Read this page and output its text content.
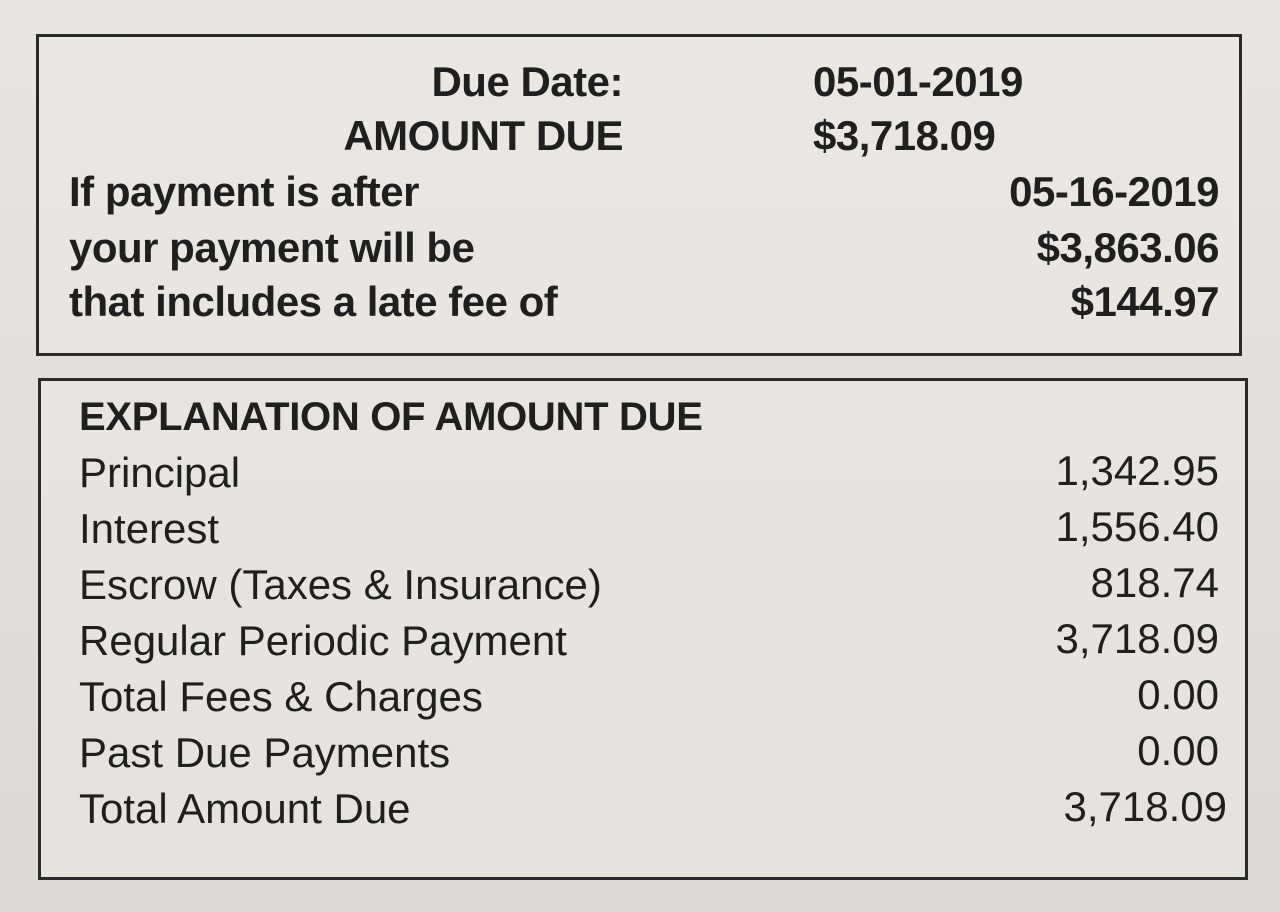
Due Date:	05-01-2019
AMOUNT DUE	$3,718.09
If payment is after	05-16-2019
your payment will be	$3,863.06
that includes a late fee of	$144.97
EXPLANATION OF AMOUNT DUE
Principal	1,342.95
Interest	1,556.40
Escrow (Taxes & Insurance)	818.74
Regular Periodic Payment	3,718.09
Total Fees & Charges	0.00
Past Due Payments	0.00
Total Amount Due	3,718.09
